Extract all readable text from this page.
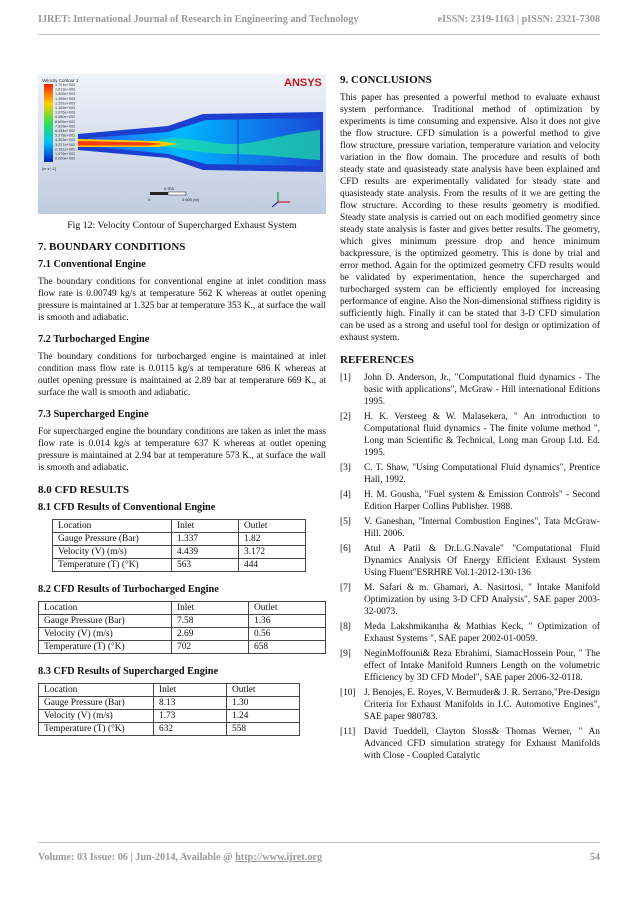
IJRET: International Journal of Research in Engineering and Technology	eISSN: 2319-1163 | pISSN: 2321-7308
Velocity Contour 1
1.721e+003
1.613e+003
1.506e+003
1.398e+003
1.291e+003
1.183e+003
1.076e+003
9.680e+002
8.605e+002
7.529e+002
6.454e+002
5.378e+002
4.303e+002
3.227e+002
2.151e+002
1.076e+002
0.000e+000
[m s^-1]
ANSYS
0
0.300
0.600 (m)
Fig 12: Velocity Contour of Supercharged Exhaust System
7. BOUNDARY CONDITIONS
7.1 Conventional Engine

The boundary conditions for conventional engine at inlet condition mass flow rate is 0.00749 kg/s at temperature 562 K whereas at outlet opening pressure is maintained at 1.325 bar at temperature 353 K., at surface the wall is smooth and adiabatic.

7.2 Turbocharged Engine

The boundary conditions for turbocharged engine is maintained at inlet condition mass flow rate is 0.0115 kg/s at temperature 686 K whereas at outlet opening pressure is maintained at 2.89 bar at temperature 669 K., at surface the wall is smooth and adiabatic.

7.3 Supercharged Engine

For supercharged engine the boundary conditions are taken as inlet the mass flow rate is 0.014 kg/s at temperature 637 K whereas at outlet opening pressure is maintained at 2.94 bar at temperature 573 K., at surface the wall is smooth and adiabatic.

8.0 CFD RESULTS
8.1 CFD Results of Conventional Engine
Location	Inlet	Outlet
Gauge Pressure (Bar)	1.337	1.82
Velocity (V) (m/s)	4.439	3.172
Temperature (T) (°K)	563	444
8.2 CFD Results of Turbocharged Engine
Location	Inlet	Outlet
Gauge Pressure (Bar)	7.58	1.36
Velocity (V) (m/s)	2.69	0.56
Temperature (T) (°K)	702	658
8.3 CFD Results of Supercharged Engine
Location	Inlet	Outlet
Gauge Pressure (Bar)	8.13	1.30
Velocity (V) (m/s)	1.73	1.24
Temperature (T) (°K)	632	558
9. CONCLUSIONS

This paper has presented a powerful method to evaluate exhaust system performance. Traditional method of optimization by experiments is time consuming and expensive. Also it does not give the flow structure. CFD simulation is a powerful method to give flow structure, pressure variation, temperature variation and velocity variation in the flow domain. The procedure and results of both steady state and quasisteady state analysis have been explained and CFD results are experimentally validated for steady state and quasisteady state analysis. From the results of it we are getting the flow structure. According to these results geometry is modified. Steady state analysis is carried out on each modified geometry since steady state analysis is faster and gives better results. The geometry, which gives minimum pressure drop and hence minimum backpressure, is the optimized geometry. This is done by trial and error method. Again for the optimized geometry CFD results would be validated by experimentation, hence the supercharged and turbocharged system can be efficiently employed for increasing performance of engine. Also the Non-dimensional stiffness rigidity is sufficiently high. Finally it can be stated that 3-D CFD simulation can be used as a strong and useful tool for design or optimization of exhaust system.

REFERENCES
[1]	John D. Anderson, Jr., "Computational fluid dynamics - The basic with applications", McGraw - Hill international Editions 1995.
[2]	H. K. Versteeg & W. Malasekera, " An introduction to Computational fluid dynamics - The finite volume method ", Long man Scientific & Technical, Long man Group Ltd. Ed. 1995.
[3]	C. T. Shaw, "Using Computational Fluid dynamics", Prentice Hall, 1992.
[4]	H. M. Gousha, "Fuel system & Emission Controls" - Second Edition Harper Collins Publisher. 1988.
[5]	V. Ganeshan, "Internal Combustion Engines", Tata McGraw-Hill. 2006.
[6]	Atul A Patil & Dr.L.G.Navale" "Computational Fluid Dynamics Analysis Of Energy Efficient Exhaust System Using Fluent"ESRHRE Vol.1-2012-130-136
[7]	M. Safari & m. Ghamari, A. Nasirtosi, " Intake Manifold Optimization by using 3-D CFD Analysis", SAE paper 2003-32-0073.
[8]	Meda Lakshmikantha & Mathias Keck, " Optimization of Exhaust Systems ", SAE paper 2002-01-0059.
[9]	NeginMoffouni& Reza Ebrahimi, SiamacHossein Pour, " The effect of Intake Manifold Runners Length on the volumetric Efficiency by 3D CFD Model", SAE paper 2006-32-0118.
[10] J. Benojes, E. Royes, V. Bermuder& J. R. Serrano,"Pre-Design Criteria for Exhaust Manifolds in I.C. Automotive Engines", SAE paper 980783.
[11] David Tueddell, Clayton Sloss& Thomas Werner, " An Advanced CFD simulation strategy for Exhaust Manifolds with Close - Coupled Catalytic
Volume: 03 Issue: 06 | Jun-2014, Available @ http://www.ijret.org	54
